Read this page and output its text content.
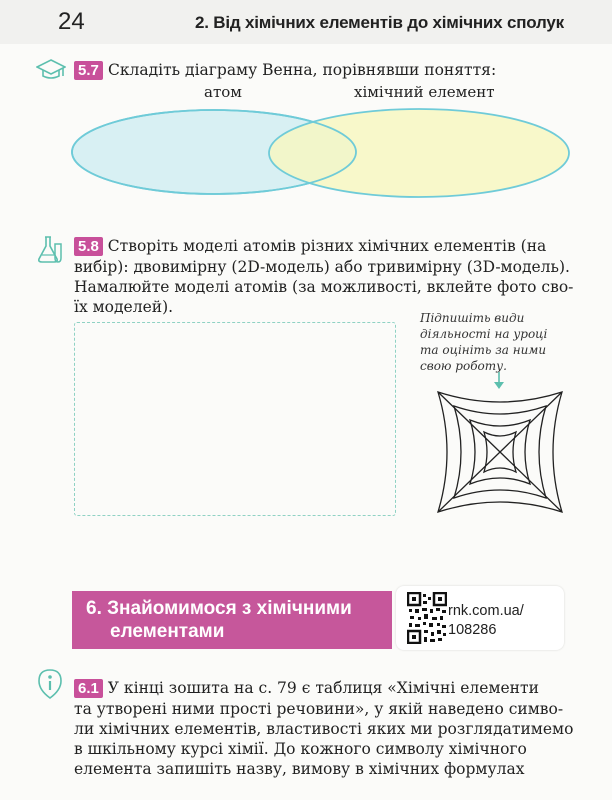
24	2. Від хімічних елементів до хімічних сполук
5.7 Складіть діаграму Венна, порівнявши поняття:
атом	хімічний елемент
5.8 Створіть моделі атомів різних хімічних елементів (на
вибір): двовимірну (2D-модель) або тривимірну (3D-модель).
Намалюйте моделі атомів (за можливості, вклейте фото сво-
їх моделей).
Підпишіть види
діяльності на уроці
та оцініть за ними
свою роботу.
6. Знайомимося з хімічними
елементами
rnk.com.ua/
108286
6.1 У кінці зошита на с. 79 є таблиця «Хімічні елементи
та утворені ними прості речовини», у якій наведено симво-
ли хімічних елементів, властивості яких ми розглядатимемо
в шкільному курсі хімії. До кожного символу хімічного
елемента запишіть назву, вимову в хімічних формулах
